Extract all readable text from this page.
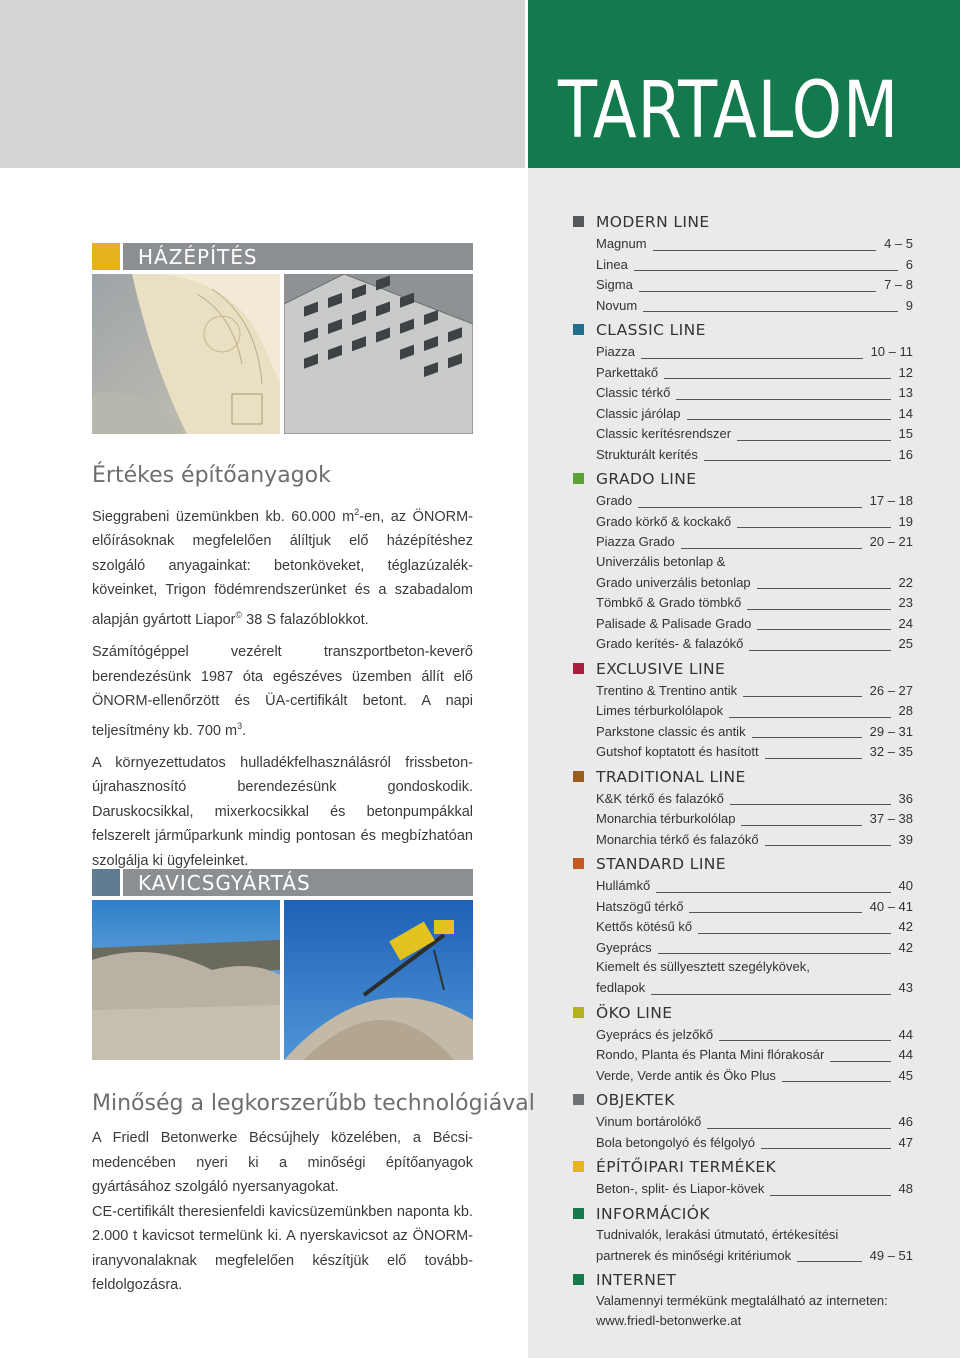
TARTALOM
HÁZÉPÍTÉS
Értékes építőanyagok

Sieggrabeni üzemünkben kb. 60.000 $m^2-en$, az ÖNORM-előírásoknak megfelelően álíltjuk elő házépítéshez szolgáló anyagainkat: betonköveket, téglazúzalék-köveinket, Trigon födémrendszerünket és a szabadalom alapján gyártott Liapor© 38 S falazóblokkot.

Számítógéppel vezérelt transzportbeton-keverő berendezésünk 1987 óta egészéves üzemben állít elő ÖNORM-ellenőrzött és ÜA-certifikált betont. A napi teljesítmény kb. 700 $m^3$.

A környezettudatos hulladékfelhasználásról frissbeton-újrahasznosító berendezésünk gondoskodik. Daruskocsikkal, mixerkocsikkal és betonpumpákkal felszerelt járműparkunk mindig pontosan és megbízhatóan szolgálja ki ügyfeleinket.

KAVICSGYÁRTÁS
Minőség a legkorszerűbb technológiával

A Friedl Betonwerke Bécsújhely közelében, a Bécsi-medencében nyeri ki a minőségi építőanyagok gyártásához szolgáló nyersanyagokat.

CE-certifikált theresienfeldi kavicsüzemünkben naponta kb. 2.000 t kavicsot termelünk ki. A nyerskavicsot az ÖNORM-iranyvonalaknak megfelelően készítjük elő tovább-feldolgozásra.

MODERN LINE
Magnum	4 – 5
Linea	6
Sigma	7 – 8
Novum	9
CLASSIC LINE
Piazza	10 – 11
Parkettakő	12
Classic térkő	13
Classic járólap	14
Classic kerítésrendszer	15
Strukturált kerítés	16
GRADO LINE
Grado	17 – 18
Grado körkő & kockakő	19
Piazza Grado	20 – 21
Univerzális betonlap &
Grado univerzális betonlap	22
Tömbkő & Grado tömbkő	23
Palisade & Palisade Grado	24
Grado kerítés- & falazókő	25
EXCLUSIVE LINE
Trentino & Trentino antik	26 – 27
Limes térburkolólapok	28
Parkstone classic és antik	29 – 31
Gutshof koptatott és hasított	32 – 35
TRADITIONAL LINE
K&K térkő és falazókő	36
Monarchia térburkolólap	37 – 38
Monarchia térkő és falazókő	39
STANDARD LINE
Hullámkő	40
Hatszögű térkő	40 – 41
Kettős kötésű kő	42
Gyeprács	42
Kiemelt és süllyesztett szegélykövek,
fedlapok	43
ÖKO LINE
Gyeprács és jelzőkő	44
Rondo, Planta és Planta Mini flórakosár	44
Verde, Verde antik és Öko Plus	45
OBJEKTEK
Vinum bortárolókő	46
Bola betongolyó és félgolyó	47
ÉPÍTŐIPARI TERMÉKEK
Beton-, split- és Liapor-kövek	48
INFORMÁCIÓK
Tudnivalók, lerakási útmutató, értékesítési
partnerek és minőségi kritériumok	49 – 51
INTERNET
Valamennyi termékünk megtalálható az interneten:
www.friedl-betonwerke.at
